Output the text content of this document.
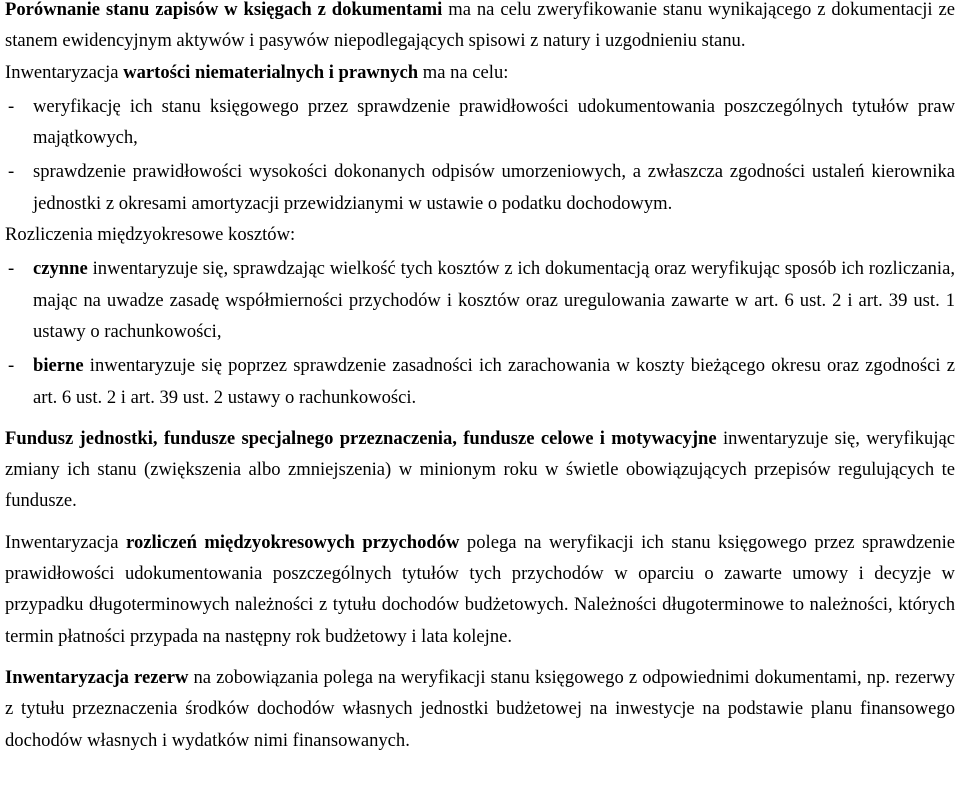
Porównanie stanu zapisów w księgach z dokumentami ma na celu zweryfikowanie stanu wynikającego z dokumentacji ze stanem ewidencyjnym aktywów i pasywów niepodlegających spisowi z natury i uzgodnieniu stanu.

Inwentaryzacja wartości niematerialnych i prawnych ma na celu:

- weryfikację ich stanu księgowego przez sprawdzenie prawidłowości udokumentowania poszczególnych tytułów praw majątkowych,

- sprawdzenie prawidłowości wysokości dokonanych odpisów umorzeniowych, a zwłaszcza zgodności ustaleń kierownika jednostki z okresami amortyzacji przewidzianymi w ustawie o podatku dochodowym.

Rozliczenia międzyokresowe kosztów:

- czynne inwentaryzuje się, sprawdzając wielkość tych kosztów z ich dokumentacją oraz weryfikując sposób ich rozliczania, mając na uwadze zasadę współmierności przychodów i kosztów oraz uregulowania zawarte w art. 6 ust. 2 i art. 39 ust. 1 ustawy o rachunkowości,

- bierne inwentaryzuje się poprzez sprawdzenie zasadności ich zarachowania w koszty bieżącego okresu oraz zgodności z art. 6 ust. 2 i art. 39 ust. 2 ustawy o rachunkowości.

Fundusz jednostki, fundusze specjalnego przeznaczenia, fundusze celowe i motywacyjne inwentaryzuje się, weryfikując zmiany ich stanu (zwiększenia albo zmniejszenia) w minionym roku w świetle obowiązujących przepisów regulujących te fundusze.

Inwentaryzacja rozliczeń międzyokresowych przychodów polega na weryfikacji ich stanu księgowego przez sprawdzenie prawidłowości udokumentowania poszczególnych tytułów tych przychodów w oparciu o zawarte umowy i decyzje w przypadku długoterminowych należności z tytułu dochodów budżetowych. Należności długoterminowe to należności, których termin płatności przypada na następny rok budżetowy i lata kolejne.

Inwentaryzacja rezerw na zobowiązania polega na weryfikacji stanu księgowego z odpowiednimi dokumentami, np. rezerwy z tytułu przeznaczenia środków dochodów własnych jednostki budżetowej na inwestycje na podstawie planu finansowego dochodów własnych i wydatków nimi finansowanych.
